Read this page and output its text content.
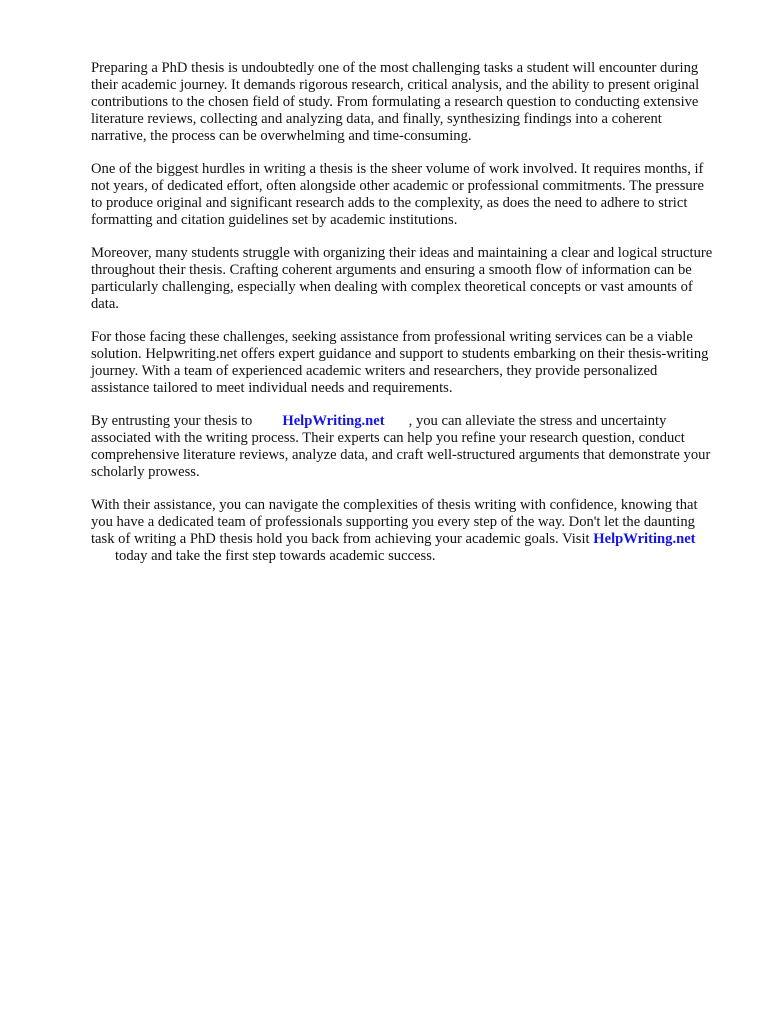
Preparing a PhD thesis is undoubtedly one of the most challenging tasks a student will encounter during their academic journey. It demands rigorous research, critical analysis, and the ability to present original contributions to the chosen field of study. From formulating a research question to conducting extensive literature reviews, collecting and analyzing data, and finally, synthesizing findings into a coherent narrative, the process can be overwhelming and time-consuming.

One of the biggest hurdles in writing a thesis is the sheer volume of work involved. It requires months, if not years, of dedicated effort, often alongside other academic or professional commitments. The pressure to produce original and significant research adds to the complexity, as does the need to adhere to strict formatting and citation guidelines set by academic institutions.

Moreover, many students struggle with organizing their ideas and maintaining a clear and logical structure throughout their thesis. Crafting coherent arguments and ensuring a smooth flow of information can be particularly challenging, especially when dealing with complex theoretical concepts or vast amounts of data.

For those facing these challenges, seeking assistance from professional writing services can be a viable solution. Helpwriting.net offers expert guidance and support to students embarking on their thesis-writing journey. With a team of experienced academic writers and researchers, they provide personalized assistance tailored to meet individual needs and requirements.

By entrusting your thesis to HelpWriting.net , you can alleviate the stress and uncertainty associated with the writing process. Their experts can help you refine your research question, conduct comprehensive literature reviews, analyze data, and craft well-structured arguments that demonstrate your scholarly prowess.

With their assistance, you can navigate the complexities of thesis writing with confidence, knowing that you have a dedicated team of professionals supporting you every step of the way. Don't let the daunting task of writing a PhD thesis hold you back from achieving your academic goals. Visit HelpWriting.nettoday and take the first step towards academic success.
